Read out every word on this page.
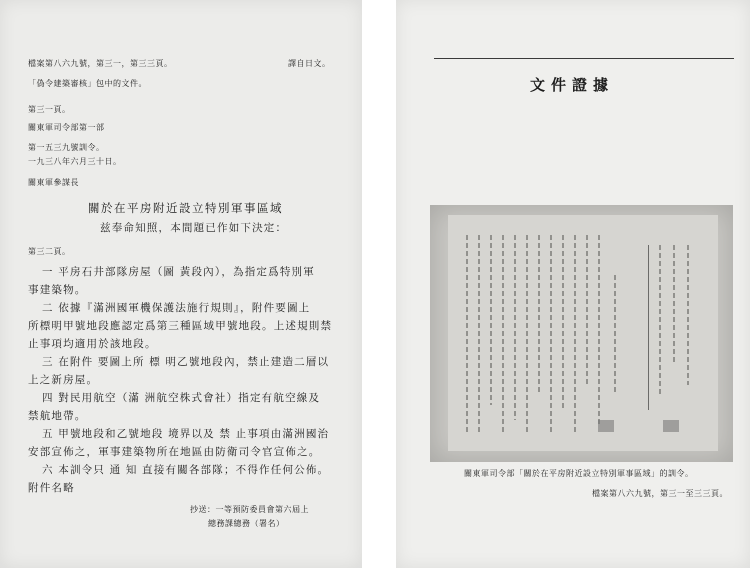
檔案第八六九號，第三一，第三三頁。	譯自日文。
「偽令建築審核」包中的文件。
第三一頁。
關東軍司令部第一部
第一五三九號訓令。
一九三八年六月三十日。
關東軍參謀長
關於在平房附近設立特別軍事區域
兹奉命知照，本間題已作如下決定：
第三二頁。
一 平房石井部隊房屋（圖 黃段內），為指定爲特別軍
事建築物。
二 依據『滿洲國軍機保護法施行規則』，附件要圖上
所標明甲號地段應認定爲第三種區域甲號地段。上述規則禁
止事項均適用於該地段。
三 在附件 要圖上所 標 明乙號地段內，禁止建造二層以
上之新房屋。
四 對民用航空（滿 洲航空株式會社）指定有航空線及
禁航地帶。
五 甲號地段和乙號地段 境界以及 禁 止事項由滿洲國治
安部宣佈之，軍事建築物所在地區由防衛司令官宣佈之。
六 本訓令只 通 知 直接有關各部隊；不得作任何公佈。
附件名略
抄送：一等預防委員會第六屆上
總務課總務（署名）
文件證據
關東軍司令部「關於在平房附近設立特別軍事區域」的訓令。
檔案第八六九號，第三一至三三頁。
